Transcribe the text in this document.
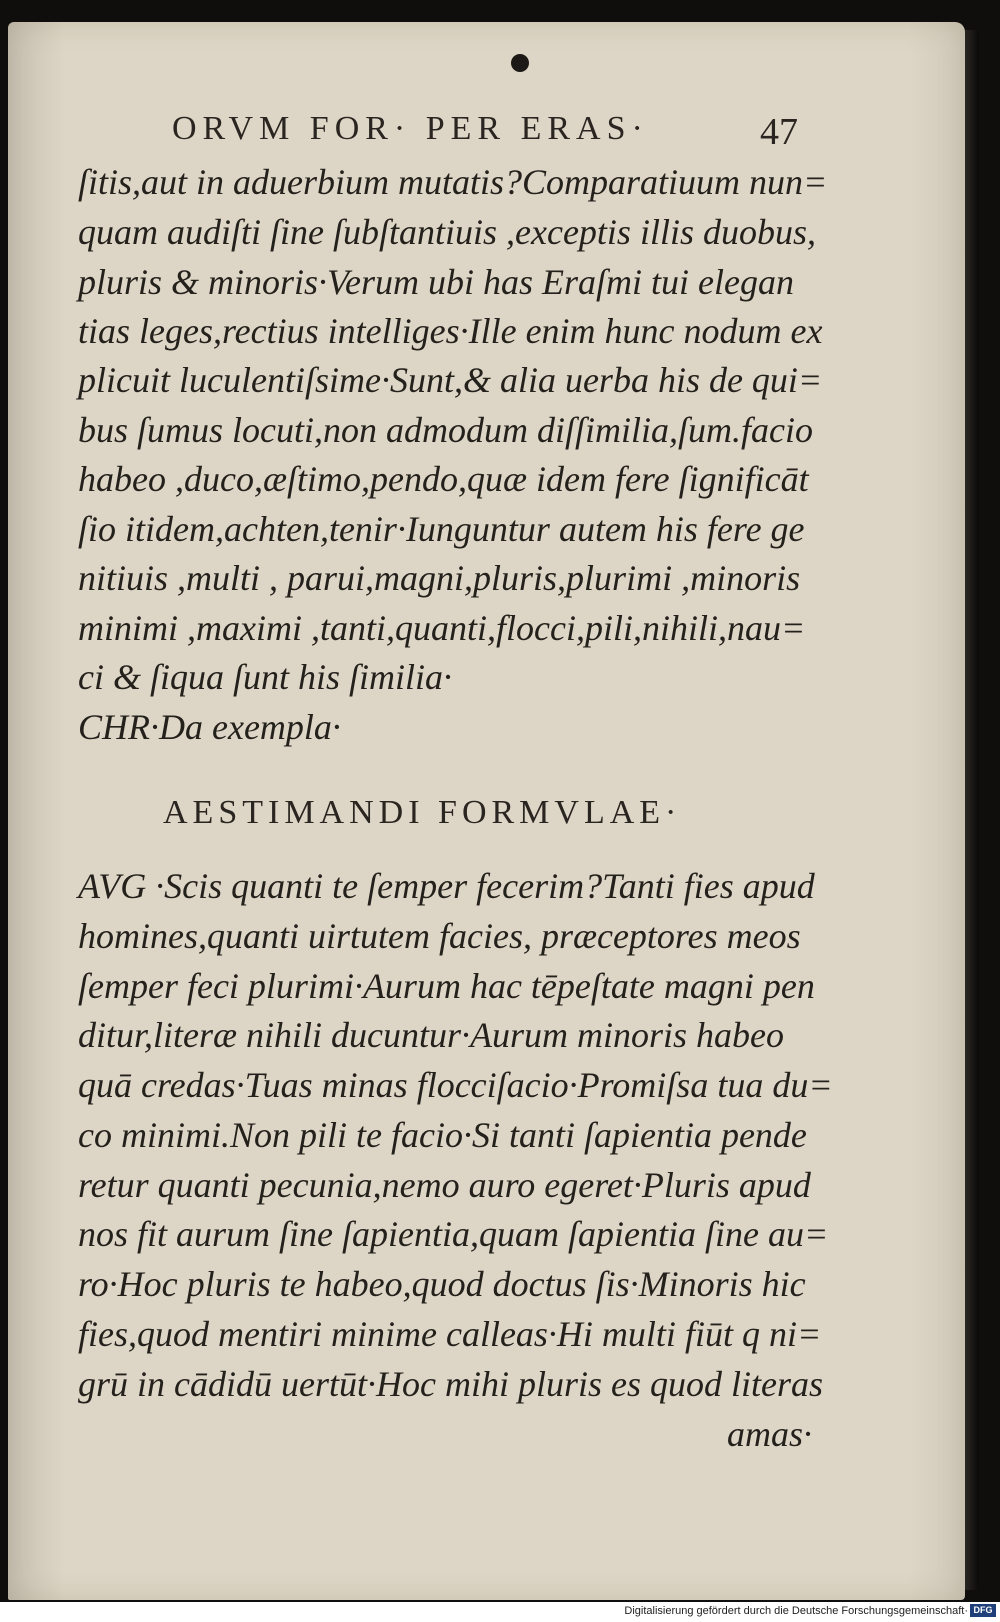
ORVM FOR· PER ERAS·	47
ſitis,aut in aduerbium mutatis?Comparatiuum nun=
quam audiſti ſine ſubſtantiuis ,exceptis illis duobus,
pluris & minoris·Verum ubi has Eraſmi tui elegan
tias leges,rectius intelliges·Ille enim hunc nodum ex
plicuit luculentiſsime·Sunt,& alia uerba his de qui=
bus ſumus locuti,non admodum diſſimilia,ſum.facio
habeo ,duco,æſtimo,pendo,quæ idem fere ſignificāt
ſio itidem,achten,tenir·Iunguntur autem his fere ge
nitiuis ,multi , parui,magni,pluris,plurimi ,minoris
minimi ,maximi ,tanti,quanti,flocci,pili,nihili,nau=
ci & ſiqua ſunt his ſimilia·
CHR·Da exempla·
AESTIMANDI FORMVLAE·
AVG ·Scis quanti te ſemper fecerim?Tanti fies apud
homines,quanti uirtutem facies, præceptores meos
ſemper feci plurimi·Aurum hac tēpeſtate magni pen
ditur,literæ nihili ducuntur·Aurum minoris habeo
quā credas·Tuas minas flocciſacio·Promiſsa tua du=
co minimi.Non pili te facio·Si tanti ſapientia pende
retur quanti pecunia,nemo auro egeret·Pluris apud
nos fit aurum ſine ſapientia,quam ſapientia ſine au=
ro·Hoc pluris te habeo,quod doctus ſis·Minoris hic
fies,quod mentiri minime calleas·Hi multi fiūt q ni=
grū in cādidū uertūt·Hoc mihi pluris es quod literas
amas·
Digitalisierung gefördert durch die Deutsche Forschungsgemeinschaft· DFG
